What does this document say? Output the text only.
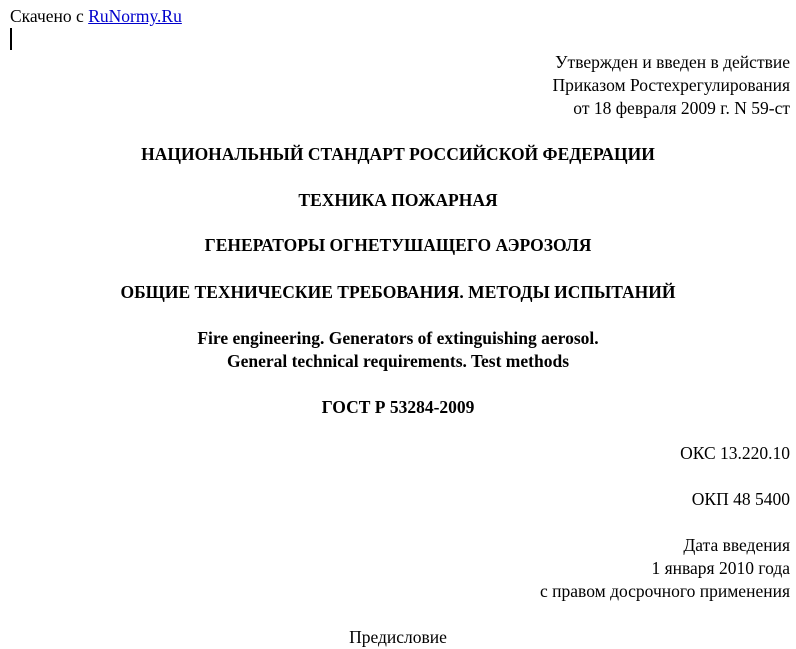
Скачено с RuNormy.Ru
Утвержден и введен в действие
Приказом Ростехрегулирования
от 18 февраля 2009 г. N 59-ст
НАЦИОНАЛЬНЫЙ СТАНДАРТ РОССИЙСКОЙ ФЕДЕРАЦИИ
ТЕХНИКА ПОЖАРНАЯ
ГЕНЕРАТОРЫ ОГНЕТУШАЩЕГО АЭРОЗОЛЯ
ОБЩИЕ ТЕХНИЧЕСКИЕ ТРЕБОВАНИЯ. МЕТОДЫ ИСПЫТАНИЙ
Fire engineering. Generators of extinguishing aerosol.
General technical requirements. Test methods
ГОСТ Р 53284-2009
ОКС 13.220.10
ОКП 48 5400
Дата введения
1 января 2010 года
с правом досрочного применения
Предисловие
